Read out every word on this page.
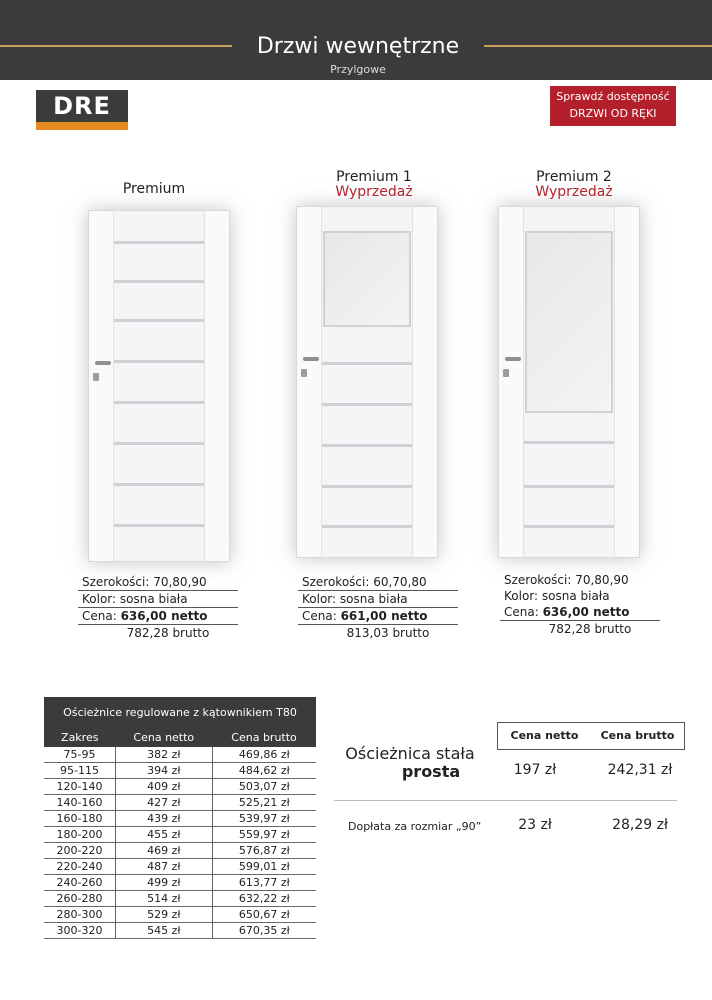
Drzwi wewnętrzne
Przylgowe
DRE	Sprawdź dostępność
DRZWI OD RĘKI
Premium
Szerokości: 70,80,90
Kolor: sosna biała
Cena: 636,00 netto
782,28 brutto
Premium 1
Wyprzedaż
Szerokości: 60,70,80
Kolor: sosna biała
Cena: 661,00 netto
813,03 brutto
Premium 2
Wyprzedaż
Szerokości: 70,80,90
Kolor: sosna biała
Cena: 636,00 netto
782,28 brutto
Ościeżnice regulowane z kątownikiem T80		
Zakres	Cena netto	Cena brutto
75-95	382 zł	469,86 zł
95-115	394 zł	484,62 zł
120-140	409 zł	503,07 zł
140-160	427 zł	525,21 zł
160-180	439 zł	539,97 zł
180-200	455 zł	559,97 zł
200-220	469 zł	576,87 zł
220-240	487 zł	599,01 zł
240-260	499 zł	613,77 zł
260-280	514 zł	632,22 zł
280-300	529 zł	650,67 zł
300-320	545 zł	670,35 zł
Cena netto	Cena brutto
Ościeżnica stała
prosta	197 zł	242,31 zł
Dopłata za rozmiar „90”	23 zł	28,29 zł
